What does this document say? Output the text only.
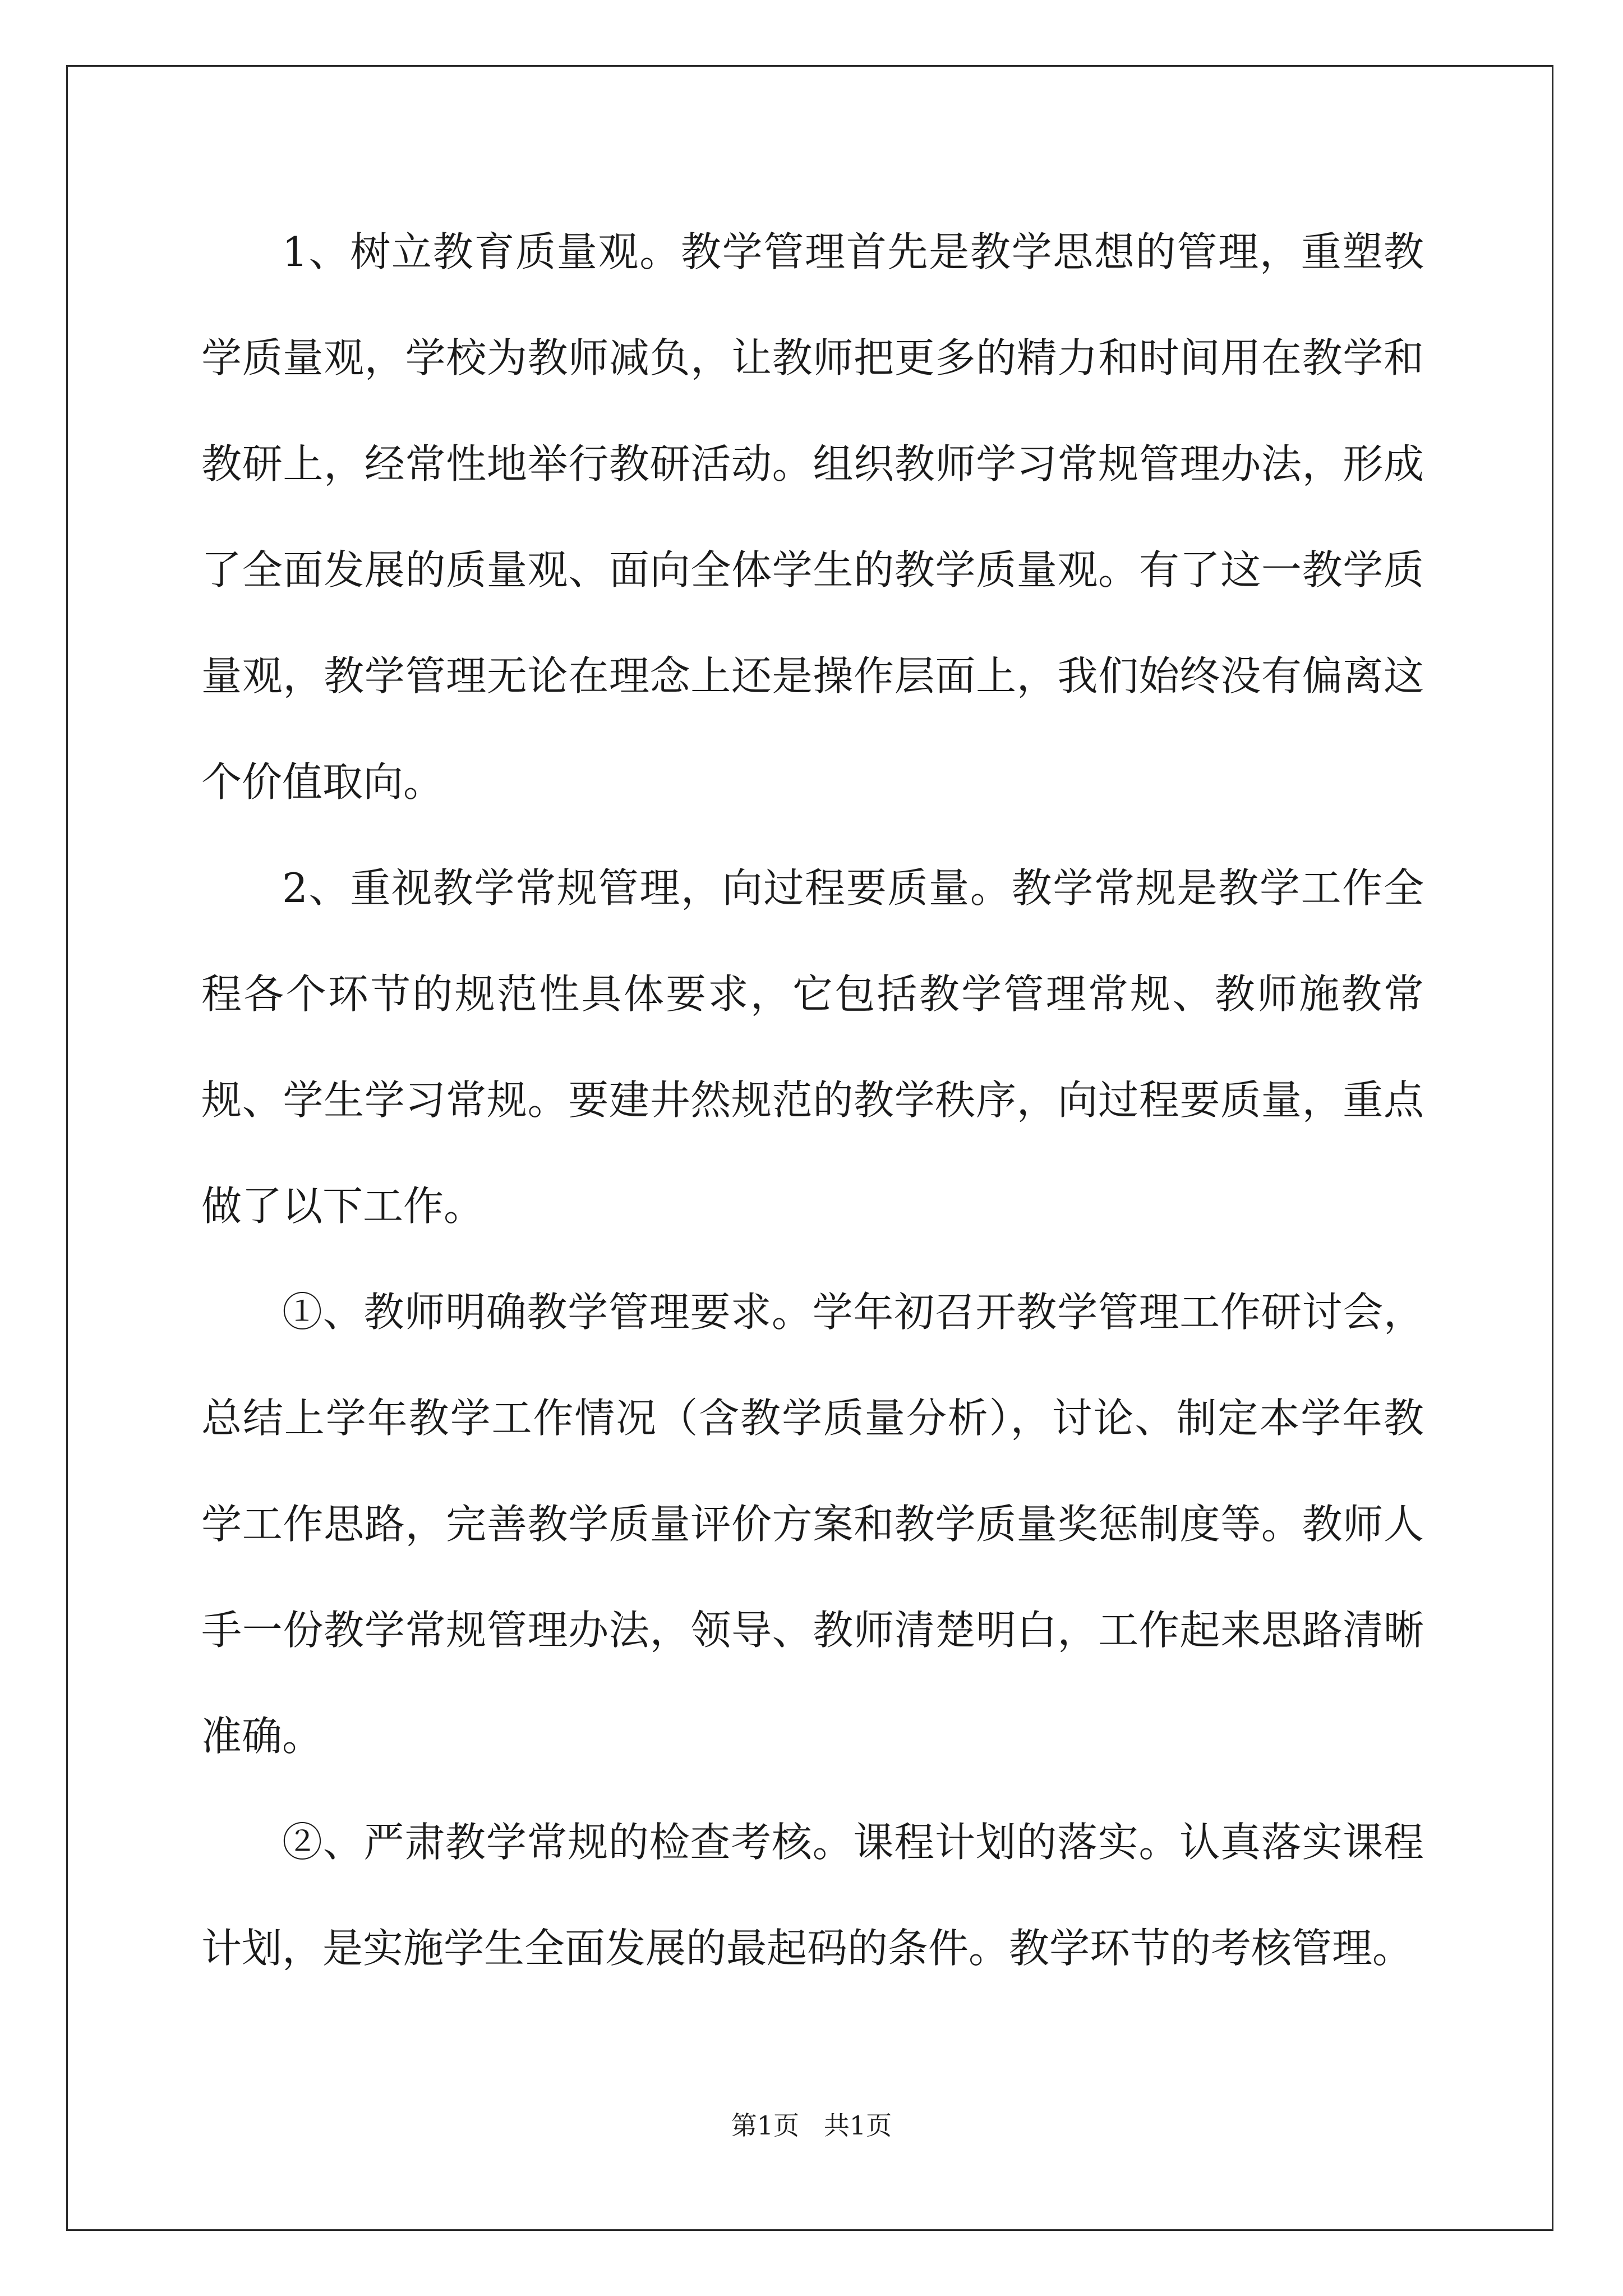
1、树立教育质量观。教学管理首先是教学思想的管理，重塑教学质量观，学校为教师减负，让教师把更多的精力和时间用在教学和教研上，经常性地举行教研活动。组织教师学习常规管理办法，形成了全面发展的质量观、面向全体学生的教学质量观。有了这一教学质量观，教学管理无论在理念上还是操作层面上，我们始终没有偏离这个价值取向。

2、重视教学常规管理，向过程要质量。教学常规是教学工作全程各个环节的规范性具体要求，它包括教学管理常规、教师施教常规、学生学习常规。要建井然规范的教学秩序，向过程要质量，重点做了以下工作。

①、教师明确教学管理要求。学年初召开教学管理工作研讨会，总结上学年教学工作情况（含教学质量分析），讨论、制定本学年教学工作思路，完善教学质量评价方案和教学质量奖惩制度等。教师人手一份教学常规管理办法，领导、教师清楚明白，工作起来思路清晰准确。

②、严肃教学常规的检查考核。课程计划的落实。认真落实课程计划，是实施学生全面发展的最起码的条件。教学环节的考核管理。

第1页   共1页
